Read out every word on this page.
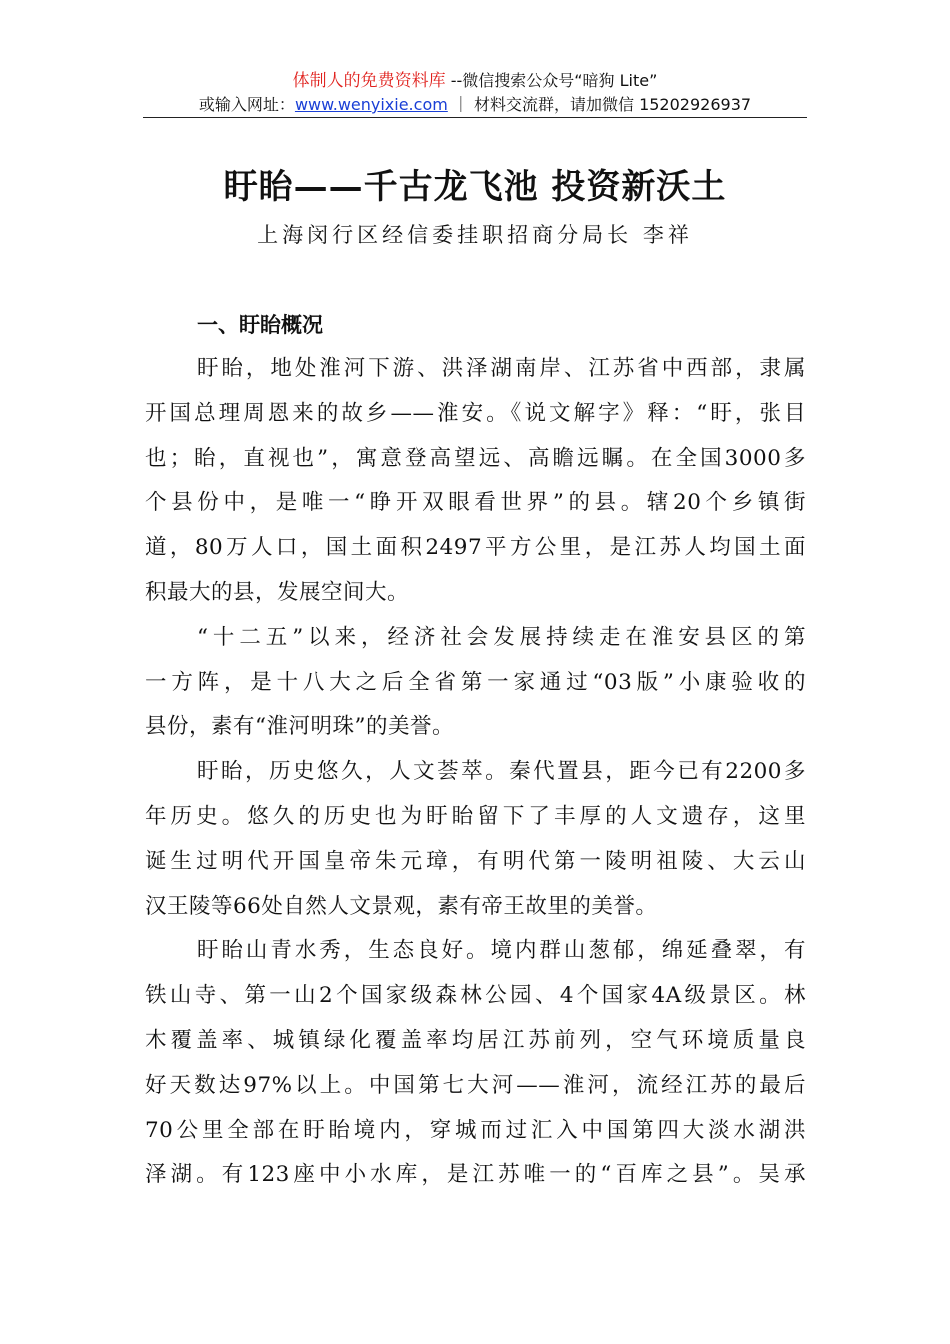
体制人的免费资料库 --微信搜索公众号“暗狗 Lite”
或输入网址：www.wenyixie.com ｜ 材料交流群，请加微信 15202926937
盱眙——千古龙飞池 投资新沃土
上海闵行区经信委挂职招商分局长 李祥
一、盱眙概况
盱眙，地处淮河下游、洪泽湖南岸、江苏省中西部，隶属
开国总理周恩来的故乡——淮安。《说文解字》释：“盱，张目
也；眙，直视也”，寓意登高望远、高瞻远瞩。在全国3000多
个县份中，是唯一“睁开双眼看世界”的县。辖20个乡镇街
道，80万人口，国土面积2497平方公里，是江苏人均国土面
积最大的县，发展空间大。
“十二五”以来，经济社会发展持续走在淮安县区的第
一方阵，是十八大之后全省第一家通过“03版”小康验收的
县份，素有“淮河明珠”的美誉。
盱眙，历史悠久，人文荟萃。秦代置县，距今已有2200多
年历史。悠久的历史也为盱眙留下了丰厚的人文遗存，这里
诞生过明代开国皇帝朱元璋，有明代第一陵明祖陵、大云山
汉王陵等66处自然人文景观，素有帝王故里的美誉。
盱眙山青水秀，生态良好。境内群山葱郁，绵延叠翠，有
铁山寺、第一山2个国家级森林公园、4个国家4A级景区。林
木覆盖率、城镇绿化覆盖率均居江苏前列，空气环境质量良
好天数达97%以上。中国第七大河——淮河，流经江苏的最后
70公里全部在盱眙境内，穿城而过汇入中国第四大淡水湖洪
泽湖。有123座中小水库，是江苏唯一的“百库之县”。吴承
